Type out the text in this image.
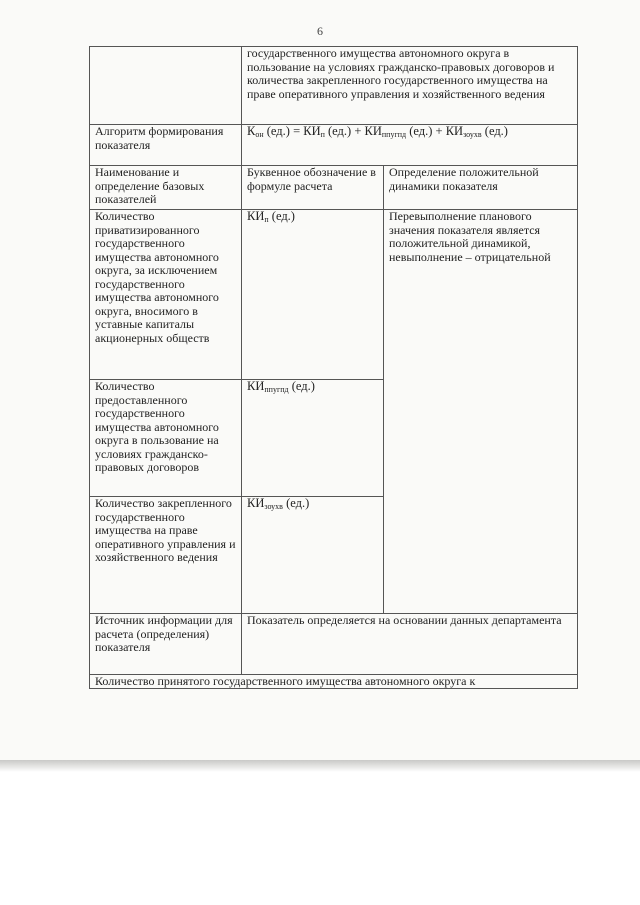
6
	государственного имущества автономного округа в пользование на условиях гражданско-правовых договоров и количества закрепленного государственного имущества на праве оперативного управления и хозяйственного ведения	
Алгоритм формирования показателя	$К_{он}$ $(ед.) = КИ_п$ $(ед.) + КИ_{ппугпд}$ $(ед.) + КИ_{зоухв}$ (ед.)	
Наименование и определение базовых показателей	Буквенное обозначение в формуле расчета	Определение положительной динамики показателя
Количество приватизированного государственного имущества автономного округа, за исключением государственного имущества автономного округа, вносимого в уставные капиталы акционерных обществ	$КИ_п$ (ед.)	Перевыполнение планового значения показателя является положительной динамикой, невыполнение – отрицательной
Количество предоставленного государственного имущества автономного округа в пользование на условиях гражданско-правовых договоров	$КИ_{ппугпд}$ (ед.)	
Количество закрепленного государственного имущества на праве оперативного управления и хозяйственного ведения	$КИ_{зоухв}$ (ед.)	
Источник информации для расчета (определения) показателя	Показатель определяется на основании данных департамента	
Количество принятого государственного имущества автономного округа к		
